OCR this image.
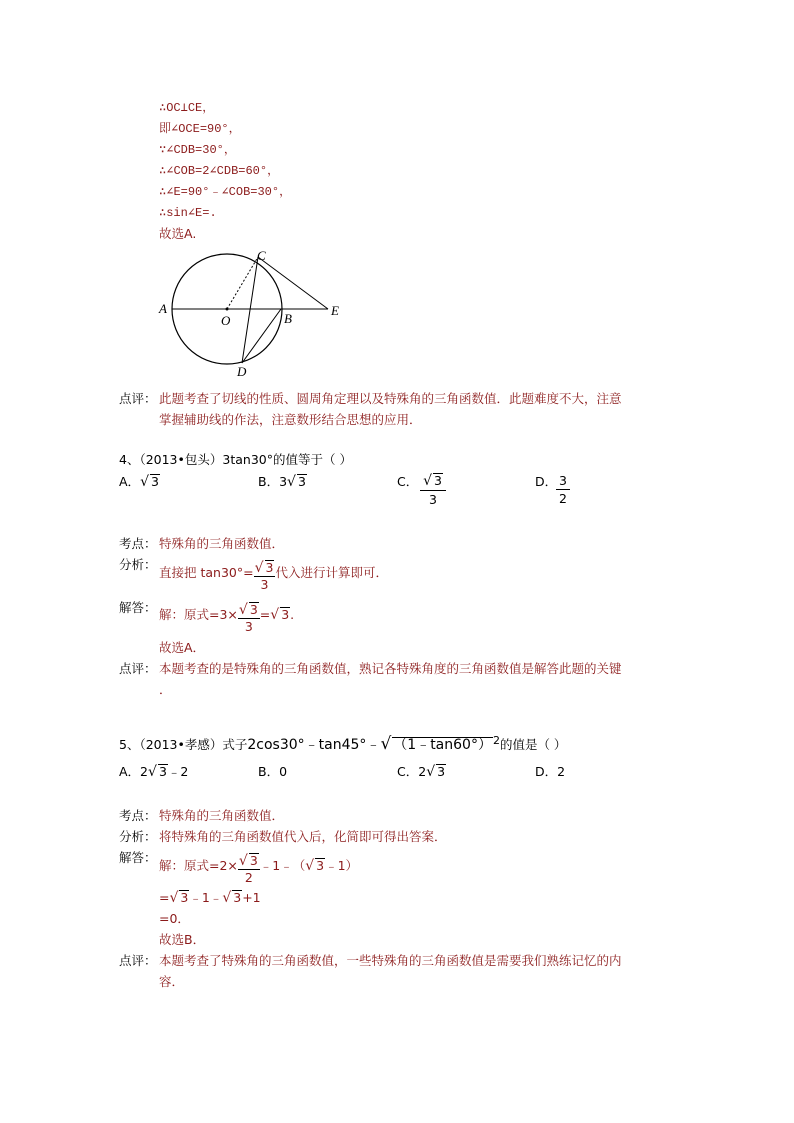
∴OC⊥CE，
即∠OCE=90°，
∵∠CDB=30°，
∴∠COB=2∠CDB=60°，
∴∠E=90°﹣∠COB=30°，
∴sin∠E=.
故选A.
A
O	B
C
D
E
点评： 此题考查了切线的性质、圆周角定理以及特殊角的三角函数值．此题难度不大，注意
掌握辅助线的作法，注意数形结合思想的应用．
4、（2013•包头）3tan30°的值等于（ ）
A．√ 3	B．3√ 3	C． √ 3
3
D．
$\frac{3}{2}$
考点： 特殊角的三角函数值．
分析：
直接把 $\tan 30^\circ= \frac{√ 3}{3}$ 代入进行计算即可．
解答： 解：原式$=3\times \frac{√ 3}{3}$ =√ 3.
故选A．
点评： 本题考查的是特殊角的三角函数值，熟记各特殊角度的三角函数值是解答此题的关键
．
5、（2013•孝感）式子2cos30°﹣tan45°﹣√ （1﹣tan60°）$^2$的值是（ ）
A．2√ 3﹣2	B．0	C．2√ 3	D．2
考点： 特殊角的三角函数值．
分析： 将特殊角的三角函数值代入后，化简即可得出答案．
解答：
解：原式$=2\times \frac{√ 3}{2}$ ﹣1﹣（√ 3﹣1）
=√ 3﹣1﹣√ 3+1
=0．
故选B．
点评： 本题考查了特殊角的三角函数值，一些特殊角的三角函数值是需要我们熟练记忆的内
容．
